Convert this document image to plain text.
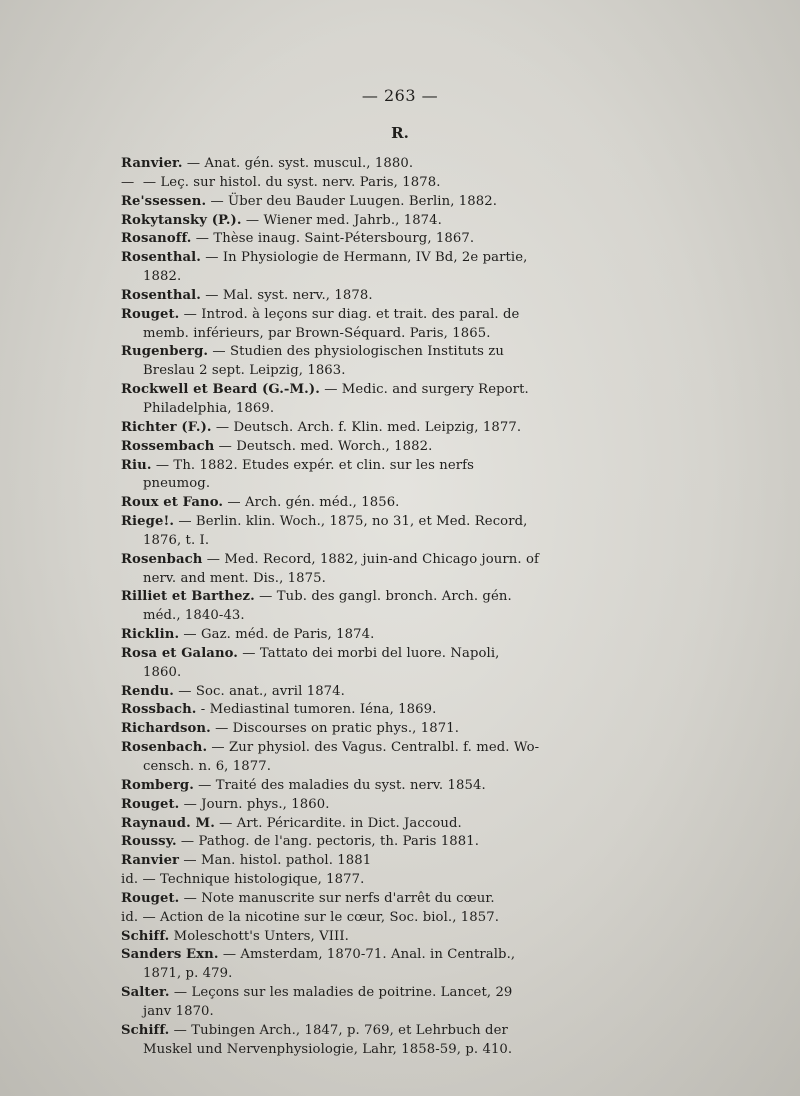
— 263 —
R.
Ranvier. — Anat. gén. syst. muscul., 1880.
—  — Leç. sur histol. du syst. nerv. Paris, 1878.
Re'ssessen. — Über deu Bauder Luugen. Berlin, 1882.
Rokytansky (P.). — Wiener med. Jahrb., 1874.
Rosanoff. — Thèse inaug. Saint-Pétersbourg, 1867.
Rosenthal. — In Physiologie de Hermann, IV Bd, 2e partie, 1882.
Rosenthal. — Mal. syst. nerv., 1878.
Rouget. — Introd. à leçons sur diag. et trait. des paral. de memb. inférieurs, par Brown-Séquard. Paris, 1865.
Rugenberg. — Studien des physiologischen Instituts zu Breslau 2 sept. Leipzig, 1863.
Rockwell et Beard (G.-M.). — Medic. and surgery Report. Philadelphia, 1869.
Richter (F.). — Deutsch. Arch. f. Klin. med. Leipzig, 1877.
Rossembach — Deutsch. med. Worch., 1882.
Riu. — Th. 1882. Etudes expér. et clin. sur les nerfs pneumog.
Roux et Fano. — Arch. gén. méd., 1856.
Riege!. — Berlin. klin. Woch., 1875, no 31, et Med. Record, 1876, t. I.
Rosenbach — Med. Record, 1882, juin-and Chicago journ. of nerv. and ment. Dis., 1875.
Rilliet et Barthez. — Tub. des gangl. bronch. Arch. gén. méd., 1840-43.
Ricklin. — Gaz. méd. de Paris, 1874.
Rosa et Galano. — Tattato dei morbi del luore. Napoli, 1860.
Rendu. — Soc. anat., avril 1874.
Rossbach. - Mediastinal tumoren. Iéna, 1869.
Richardson. — Discourses on pratic phys., 1871.
Rosenbach. — Zur physiol. des Vagus. Centralbl. f. med. Wo-censch. n. 6, 1877.
Romberg. — Traité des maladies du syst. nerv. 1854.
Rouget. — Journ. phys., 1860.
Raynaud. M. — Art. Péricardite. in Dict. Jaccoud.
Roussy. — Pathog. de l'ang. pectoris, th. Paris 1881.
Ranvier — Man. histol. pathol. 1881
id. — Technique histologique, 1877.
Rouget. — Note manuscrite sur nerfs d'arrêt du cœur.
id. — Action de la nicotine sur le cœur, Soc. biol., 1857.
Schiff. Moleschott's Unters, VIII.
Sanders Exn. — Amsterdam, 1870-71. Anal. in Centralb., 1871, p. 479.
Salter. — Leçons sur les maladies de poitrine. Lancet, 29 janv 1870.
Schiff. — Tubingen Arch., 1847, p. 769, et Lehrbuch der Muskel und Nervenphysiologie, Lahr, 1858-59, p. 410.
